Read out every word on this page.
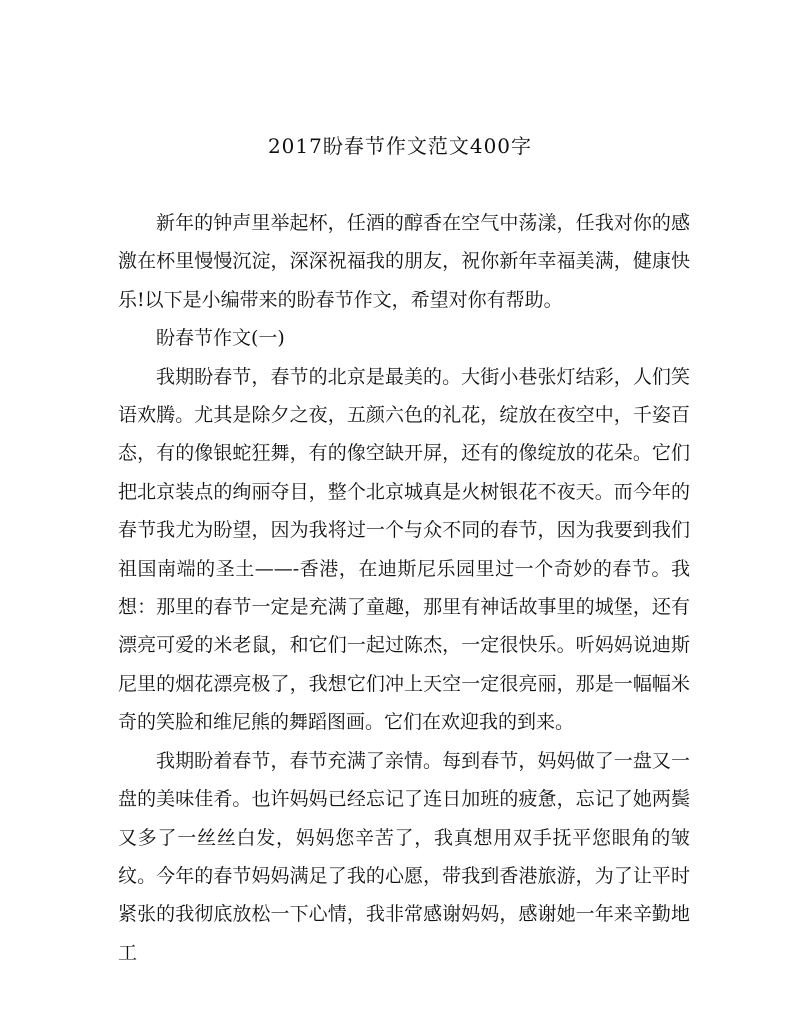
2017盼春节作文范文400字

新年的钟声里举起杯，任酒的醇香在空气中荡漾，任我对你的感激在杯里慢慢沉淀，深深祝福我的朋友，祝你新年幸福美满，健康快乐!以下是小编带来的盼春节作文，希望对你有帮助。

盼春节作文(一)

我期盼春节，春节的北京是最美的。大街小巷张灯结彩，人们笑语欢腾。尤其是除夕之夜，五颜六色的礼花，绽放在夜空中，千姿百态，有的像银蛇狂舞，有的像空缺开屏，还有的像绽放的花朵。它们把北京装点的绚丽夺目，整个北京城真是火树银花不夜天。而今年的春节我尤为盼望，因为我将过一个与众不同的春节，因为我要到我们祖国南端的圣土——-香港，在迪斯尼乐园里过一个奇妙的春节。我想：那里的春节一定是充满了童趣，那里有神话故事里的城堡，还有漂亮可爱的米老鼠，和它们一起过陈杰，一定很快乐。听妈妈说迪斯尼里的烟花漂亮极了，我想它们冲上天空一定很亮丽，那是一幅幅米奇的笑脸和维尼熊的舞蹈图画。它们在欢迎我的到来。

我期盼着春节，春节充满了亲情。每到春节，妈妈做了一盘又一盘的美味佳肴。也许妈妈已经忘记了连日加班的疲惫，忘记了她两鬓又多了一丝丝白发，妈妈您辛苦了，我真想用双手抚平您眼角的皱纹。今年的春节妈妈满足了我的心愿，带我到香港旅游，为了让平时紧张的我彻底放松一下心情，我非常感谢妈妈，感谢她一年来辛勤地工
